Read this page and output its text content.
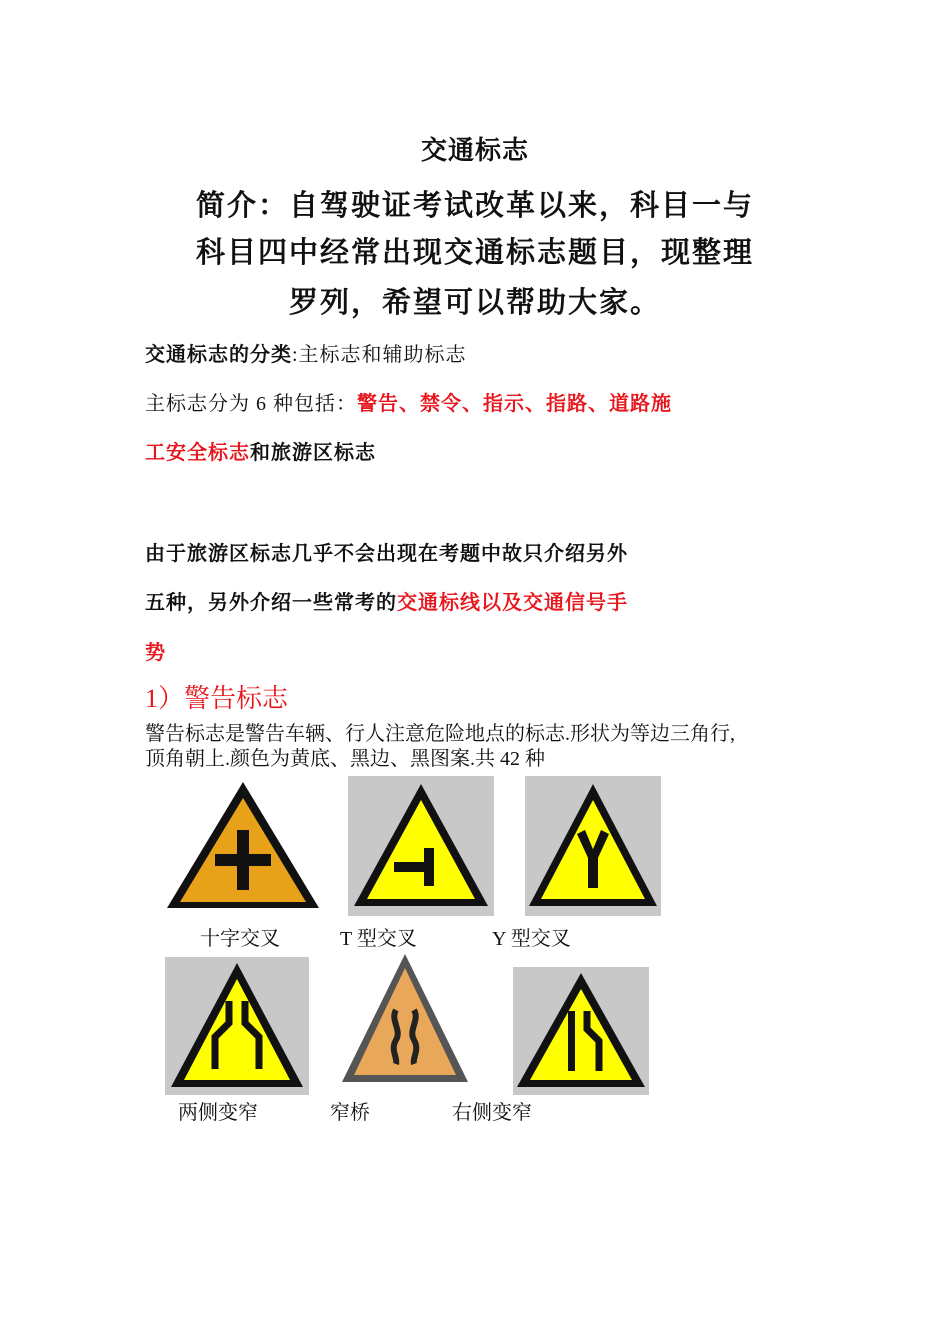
交通标志
简介：自驾驶证考试改革以来，科目一与
科目四中经常出现交通标志题目，现整理
罗列，希望可以帮助大家。
交通标志的分类:主标志和辅助标志
主标志分为 6 种包括：警告、禁令、指示、指路、道路施
工安全标志和旅游区标志
由于旅游区标志几乎不会出现在考题中故只介绍另外
五种，另外介绍一些常考的交通标线以及交通信号手
势
1）警告标志
警告标志是警告车辆、行人注意危险地点的标志.形状为等边三角行,
顶角朝上.颜色为黄底、黑边、黑图案.共 42 种
十字交叉	T 型交叉	Y 型交叉
两侧变窄	窄桥	右侧变窄
